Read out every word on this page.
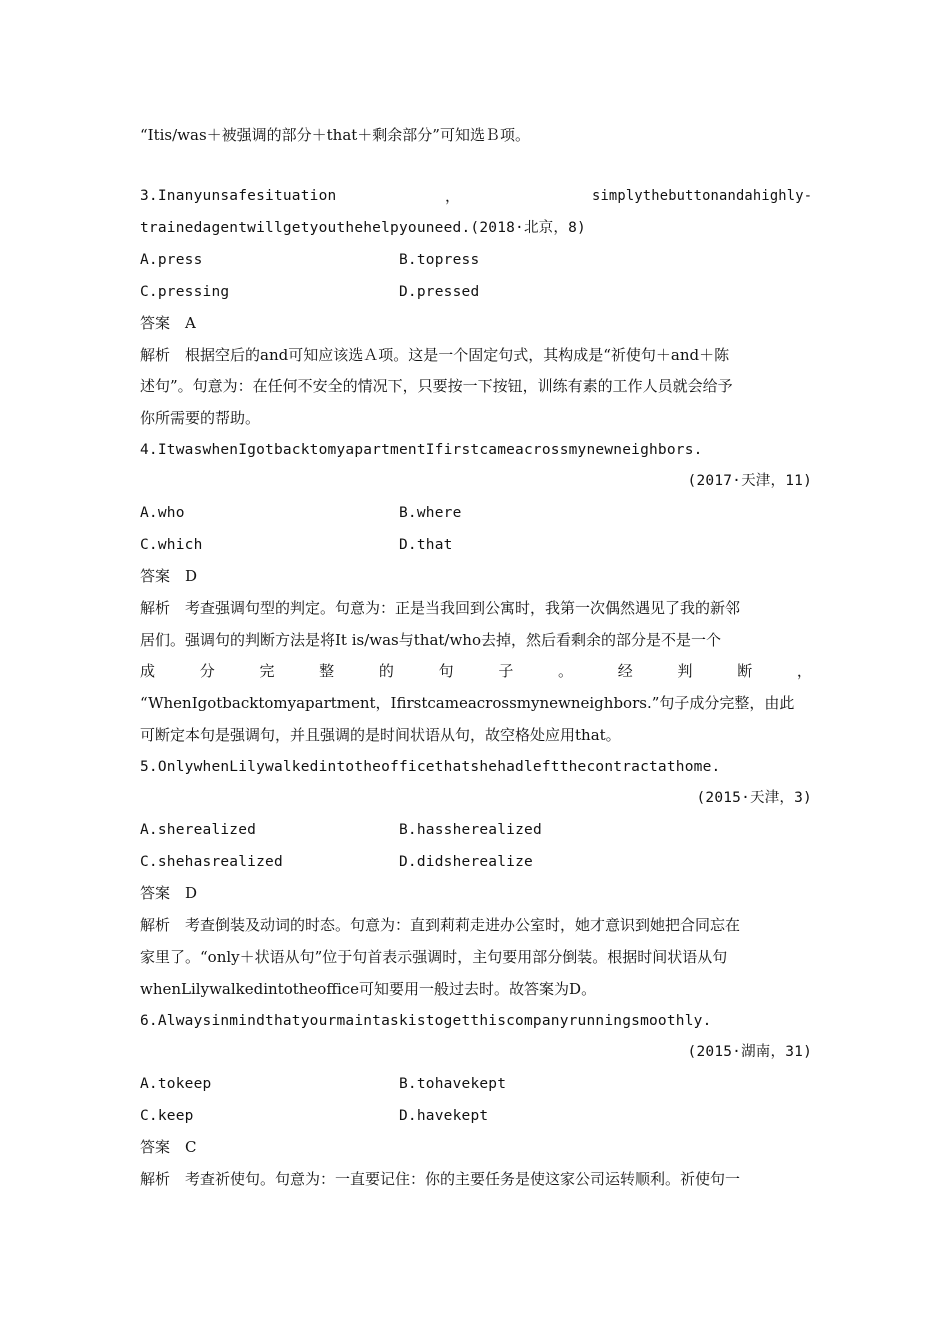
“Itis/was＋被强调的部分＋that＋剩余部分”可知选Ｂ项。
3.Inanyunsafesituation	，	simplythebuttonandahighly-
trainedagentwillgetyouthehelpyouneed.(2018·北京，8)
A.press	B.topress
C.pressing	D.pressed
答案　A
解析　根据空后的and可知应该选Ａ项。这是一个固定句式，其构成是“祈使句＋and＋陈
述句”。句意为：在任何不安全的情况下，只要按一下按钮，训练有素的工作人员就会给予
你所需要的帮助。
4.ItwaswhenIgotbacktomyapartmentIfirstcameacrossmynewneighbors.
(2017·天津，11)
A.who	B.where
C.which	D.that
答案　D
解析　考查强调句型的判定。句意为：正是当我回到公寓时，我第一次偶然遇见了我的新邻
居们。强调句的判断方法是将It is/was与that/who去掉，然后看剩余的部分是不是一个
成	分	完	整	的	句	子	。	经	判	断	，
“WhenIgotbacktomyapartment，Ifirstcameacrossmynewneighbors.”句子成分完整，由此
可断定本句是强调句，并且强调的是时间状语从句，故空格处应用that。
5.OnlywhenLilywalkedintotheofficethatshehadleftthecontractathome.
(2015·天津，3)
A.sherealized	B.hassherealized
C.shehasrealized	D.didsherealize
答案　D
解析　考查倒装及动词的时态。句意为：直到莉莉走进办公室时，她才意识到她把合同忘在
家里了。“only＋状语从句”位于句首表示强调时，主句要用部分倒装。根据时间状语从句
whenLilywalkedintotheoffice可知要用一般过去时。故答案为D。
6.Alwaysinmindthatyourmaintaskistogetthiscompanyrunningsmoothly.
(2015·湖南，31)
A.tokeep	B.tohavekept
C.keep	D.havekept
答案　C
解析　考查祈使句。句意为：一直要记住：你的主要任务是使这家公司运转顺利。祈使句一
